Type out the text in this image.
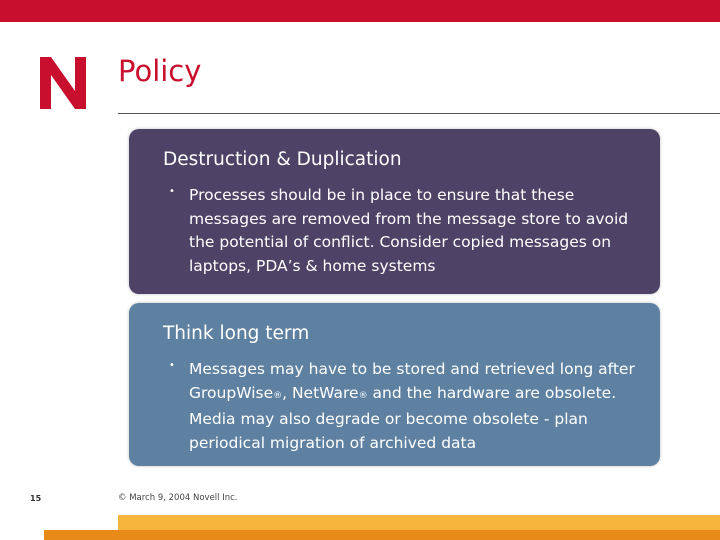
Policy
Destruction & Duplication
• Processes should be in place to ensure that these messages are removed from the message store to avoid the potential of conflict. Consider copied messages on laptops, PDA’s & home systems

Think long term
• Messages may have to be stored and retrieved long after GroupWise®, NetWare® and the hardware are obsolete. Media may also degrade or become obsolete - plan periodical migration of archived data

15	© March 9, 2004 Novell Inc.
